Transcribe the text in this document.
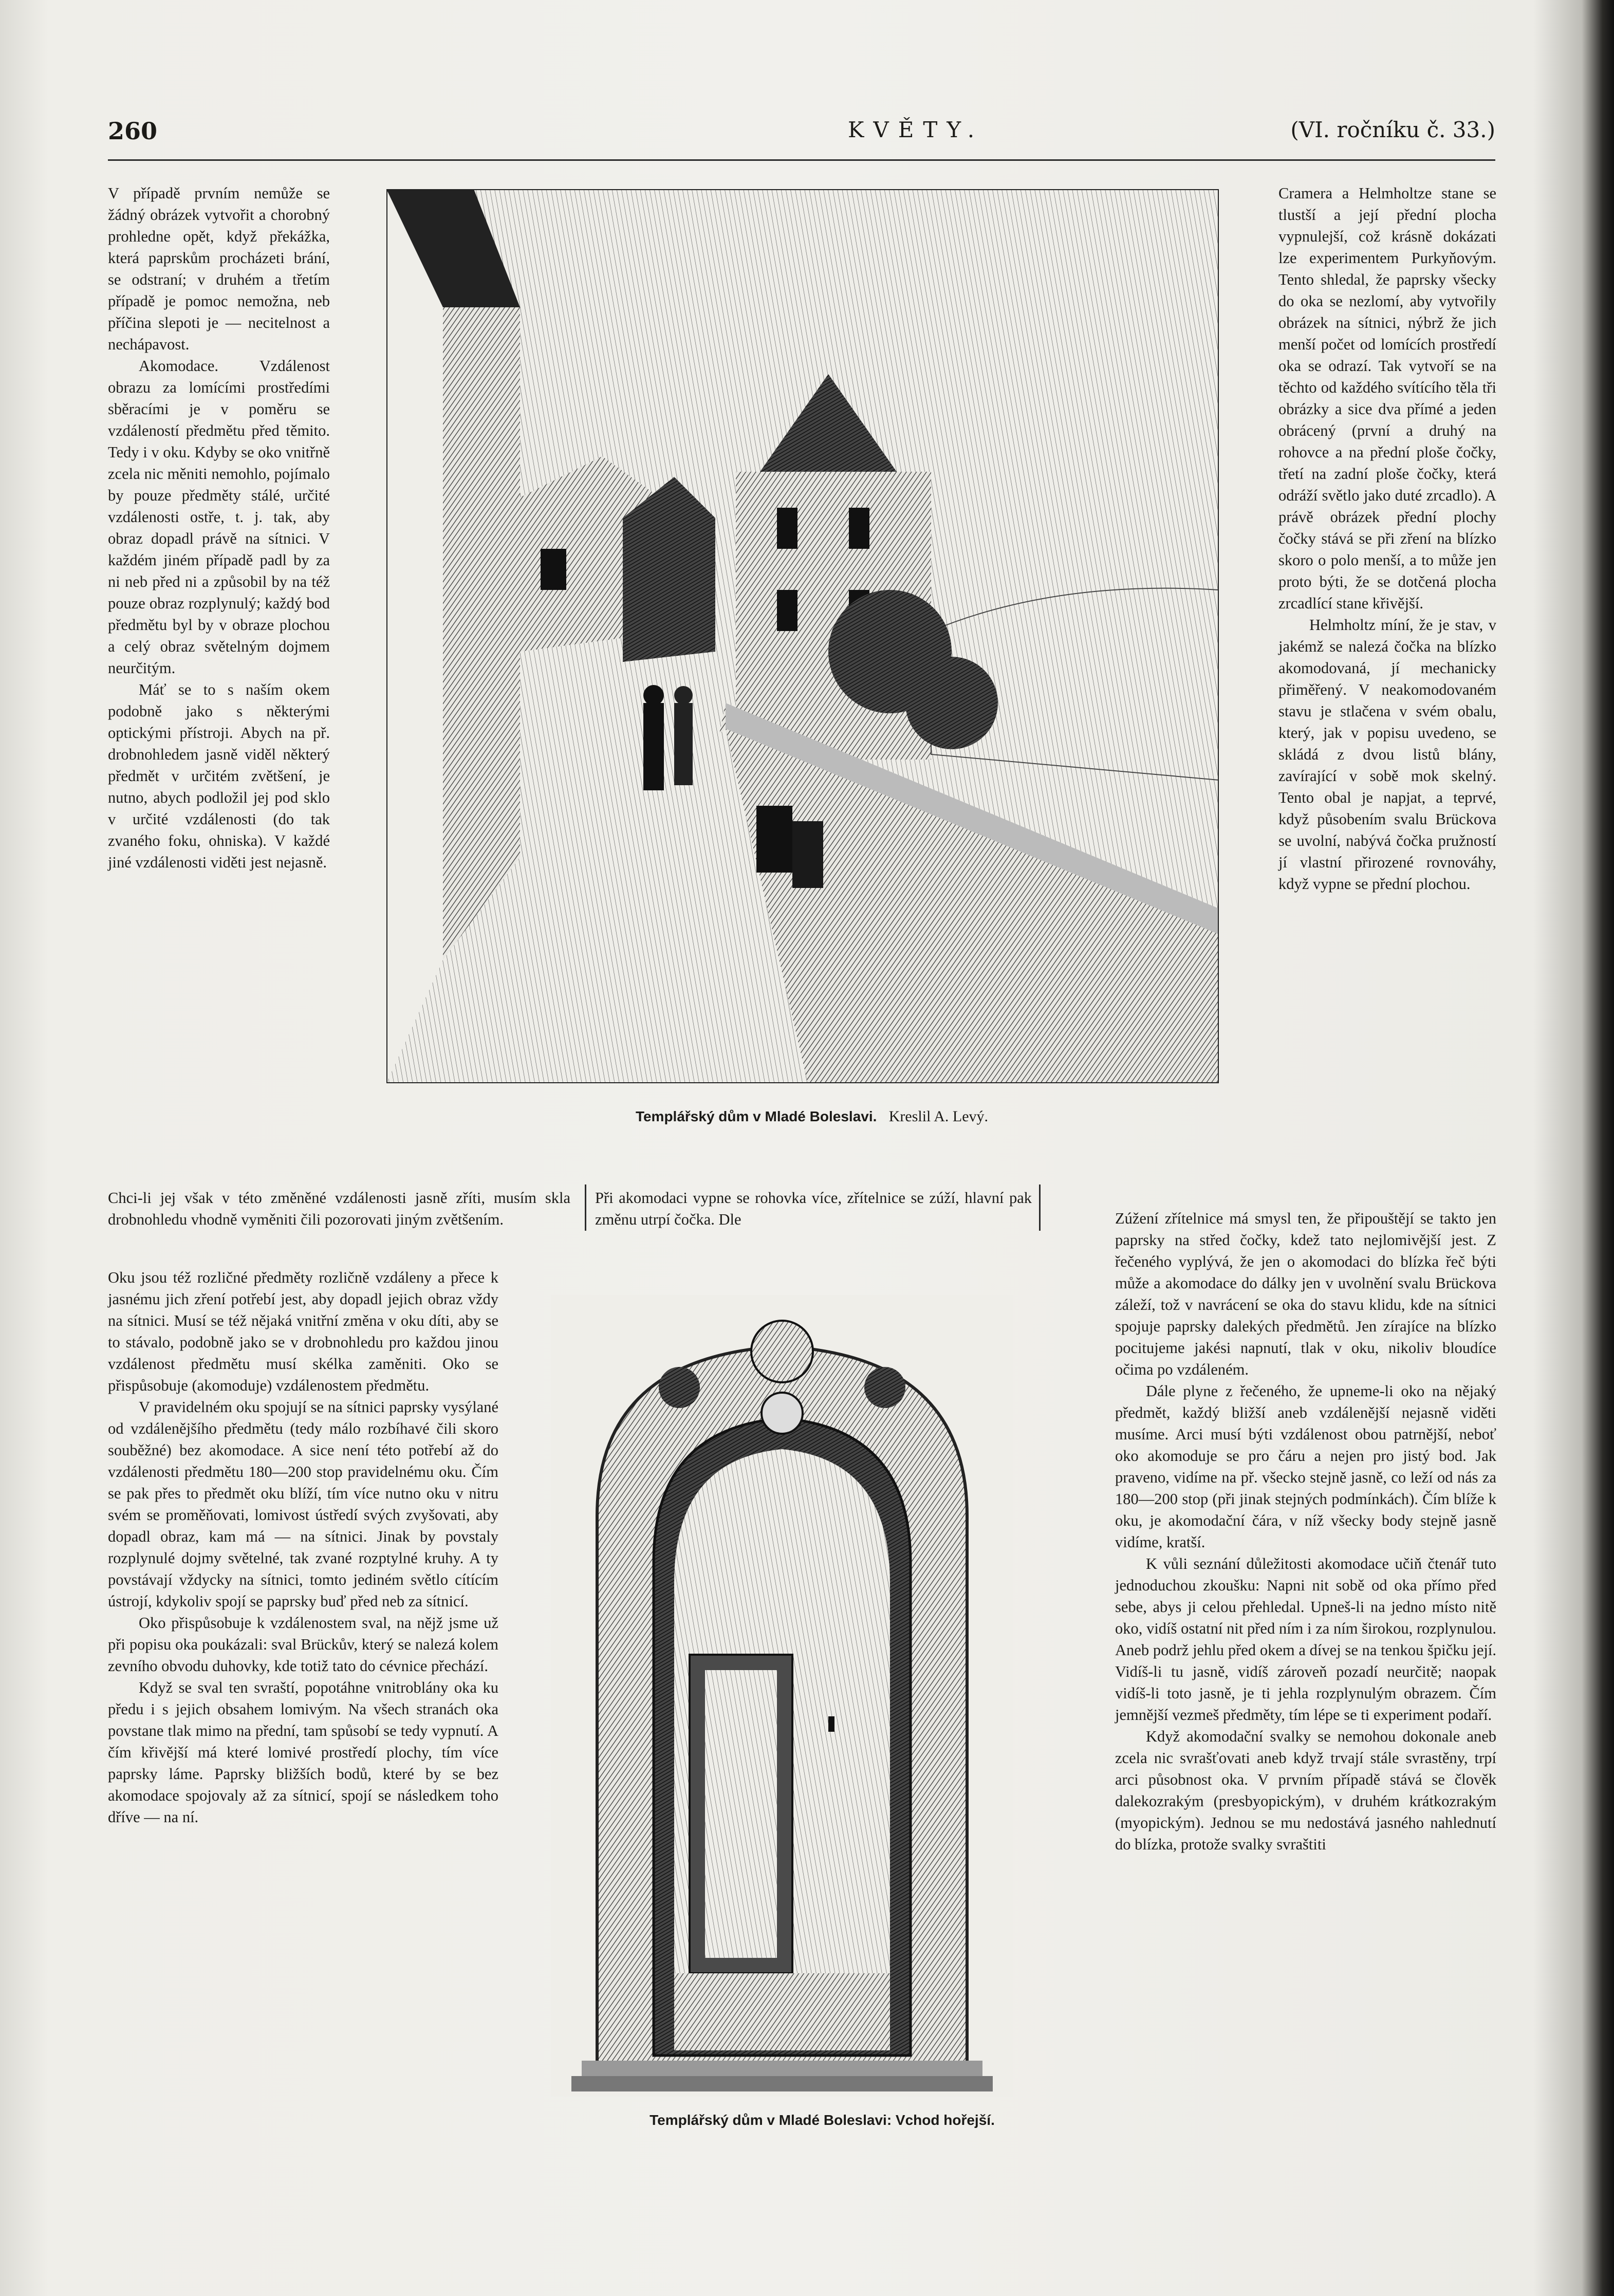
260	KVĚTY.	(VI. ročníku č. 33.)

V případě prvním nemůže se žádný obrázek vytvořit a chorobný prohledne opět, když překážka, která paprskům procházeti brání, se odstraní; v druhém a třetím případě je pomoc nemožna, neb příčina slepoti je — necitelnost a nechápavost.

Akomodace. Vzdálenost obrazu za lomícími prostředími sběracími je v poměru se vzdáleností předmětu před těmito. Tedy i v oku. Kdyby se oko vnitřně zcela nic měniti nemohlo, pojímalo by pouze předměty stálé, určité vzdálenosti ostře, t. j. tak, aby obraz dopadl právě na sítnici. V každém jiném případě padl by za ni neb před ni a způsobil by na též pouze obraz rozplynulý; každý bod předmětu byl by v obraze plochou a celý obraz světelným dojmem neurčitým.

Máť se to s naším okem podobně jako s některými optickými přístroji. Abych na př. drobnohledem jasně viděl některý předmět v určitém zvětšení, je nutno, abych podložil jej pod sklo v určité vzdálenosti (do tak zvaného foku, ohniska). V každé jiné vzdálenosti viděti jest nejasně.

Templářský dům v Mladé Boleslavi. Kreslil A. Levý.

Cramera a Helmholtze stane se tlustší a její přední plocha vypnulejší, což krásně dokázati lze experimentem Purkyňovým. Tento shledal, že paprsky všecky do oka se nezlomí, aby vytvořily obrázek na sítnici, nýbrž že jich menší počet od lomících prostředí oka se odrazí. Tak vytvoří se na těchto od každého svítícího těla tři obrázky a sice dva přímé a jeden obrácený (první a druhý na rohovce a na přední ploše čočky, třetí na zadní ploše čočky, která odráží světlo jako duté zrcadlo). A právě obrázek přední plochy čočky stává se při zření na blízko skoro o polo menší, a to může jen proto býti, že se dotčená plocha zrcadlící stane křivější.

Helmholtz míní, že je stav, v jakémž se nalezá čočka na blízko akomodovaná, jí mechanicky přiměřený. V neakomodovaném stavu je stlačena v svém obalu, který, jak v popisu uvedeno, se skládá z dvou listů blány, zavírající v sobě mok skelný. Tento obal je napjat, a teprvé, když působením svalu Brückova se uvolní, nabývá čočka pružností jí vlastní přirozené rovnováhy, když vypne se přední plochou.

Chci-li jej však v této změněné vzdálenosti jasně zříti, musím skla drobnohledu vhodně vyměniti čili pozorovati jiným zvětšením.

Při akomodaci vypne se rohovka více, zřítelnice se zúží, hlavní pak změnu utrpí čočka. Dle

Oku jsou též rozličné předměty rozličně vzdáleny a přece k jasnému jich zření potřebí jest, aby dopadl jejich obraz vždy na sítnici. Musí se též nějaká vnitřní změna v oku díti, aby se to stávalo, podobně jako se v drobnohledu pro každou jinou vzdálenost předmětu musí skélka zaměniti. Oko se přispůsobuje (akomoduje) vzdálenostem předmětu.

V pravidelném oku spojují se na sítnici paprsky vysýlané od vzdálenějšího předmětu (tedy málo rozbíhavé čili skoro souběžné) bez akomodace. A sice není této potřebí až do vzdálenosti předmětu 180—200 stop pravidelnému oku. Čím se pak přes to předmět oku blíží, tím více nutno oku v nitru svém se proměňovati, lomivost ústředí svých zvyšovati, aby dopadl obraz, kam má — na sítnici. Jinak by povstaly rozplynulé dojmy světelné, tak zvané rozptylné kruhy. A ty povstávají vždycky na sítnici, tomto jediném světlo cítícím ústrojí, kdykoliv spojí se paprsky buď před neb za sítnicí.

Oko přispůsobuje k vzdálenostem sval, na nějž jsme už při popisu oka poukázali: sval Brückův, který se nalezá kolem zevního obvodu duhovky, kde totiž tato do cévnice přechází.

Když se sval ten svraští, popotáhne vnitroblány oka ku předu i s jejich obsahem lomivým. Na všech stranách oka povstane tlak mimo na přední, tam spůsobí se tedy vypnutí. A čím křivější má které lomivé prostředí plochy, tím více paprsky láme. Paprsky bližších bodů, které by se bez akomodace spojovaly až za sítnicí, spojí se následkem toho dříve — na ní.

Templářský dům v Mladé Boleslavi: Vchod hořejší.

Zúžení zřítelnice má smysl ten, že připouštějí se takto jen paprsky na střed čočky, kdež tato nejlomivější jest. Z řečeného vyplývá, že jen o akomodaci do blízka řeč býti může a akomodace do dálky jen v uvolnění svalu Brückova záleží, tož v navrácení se oka do stavu klidu, kde na sítnici spojuje paprsky dalekých předmětů. Jen zírajíce na blízko pocitujeme jakési napnutí, tlak v oku, nikoliv bloudíce očima po vzdáleném.

Dále plyne z řečeného, že upneme-li oko na nějaký předmět, každý bližší aneb vzdálenější nejasně viděti musíme. Arci musí býti vzdálenost obou patrnější, neboť oko akomoduje se pro čáru a nejen pro jistý bod. Jak praveno, vidíme na př. všecko stejně jasně, co leží od nás za 180—200 stop (při jinak stejných podmínkách). Čím blíže k oku, je akomodační čára, v níž všecky body stejně jasně vidíme, kratší.

K vůli seznání důležitosti akomodace učiň čtenář tuto jednoduchou zkoušku: Napni nit sobě od oka přímo před sebe, abys ji celou přehledal. Upneš-li na jedno místo nitě oko, vidíš ostatní nit před ním i za ním širokou, rozplynulou. Aneb podrž jehlu před okem a dívej se na tenkou špičku její. Vidíš-li tu jasně, vidíš zároveň pozadí neurčitě; naopak vidíš-li toto jasně, je ti jehla rozplynulým obrazem. Čím jemnější vezmeš předměty, tím lépe se ti experiment podaří.

Když akomodační svalky se nemohou dokonale aneb zcela nic svrašťovati aneb když trvají stále svrastěny, trpí arci působnost oka. V prvním případě stává se člověk dalekozrakým (presbyopickým), v druhém krátkozrakým (myopickým). Jednou se mu nedostává jasného nahlednutí do blízka, protože svalky svraštiti
